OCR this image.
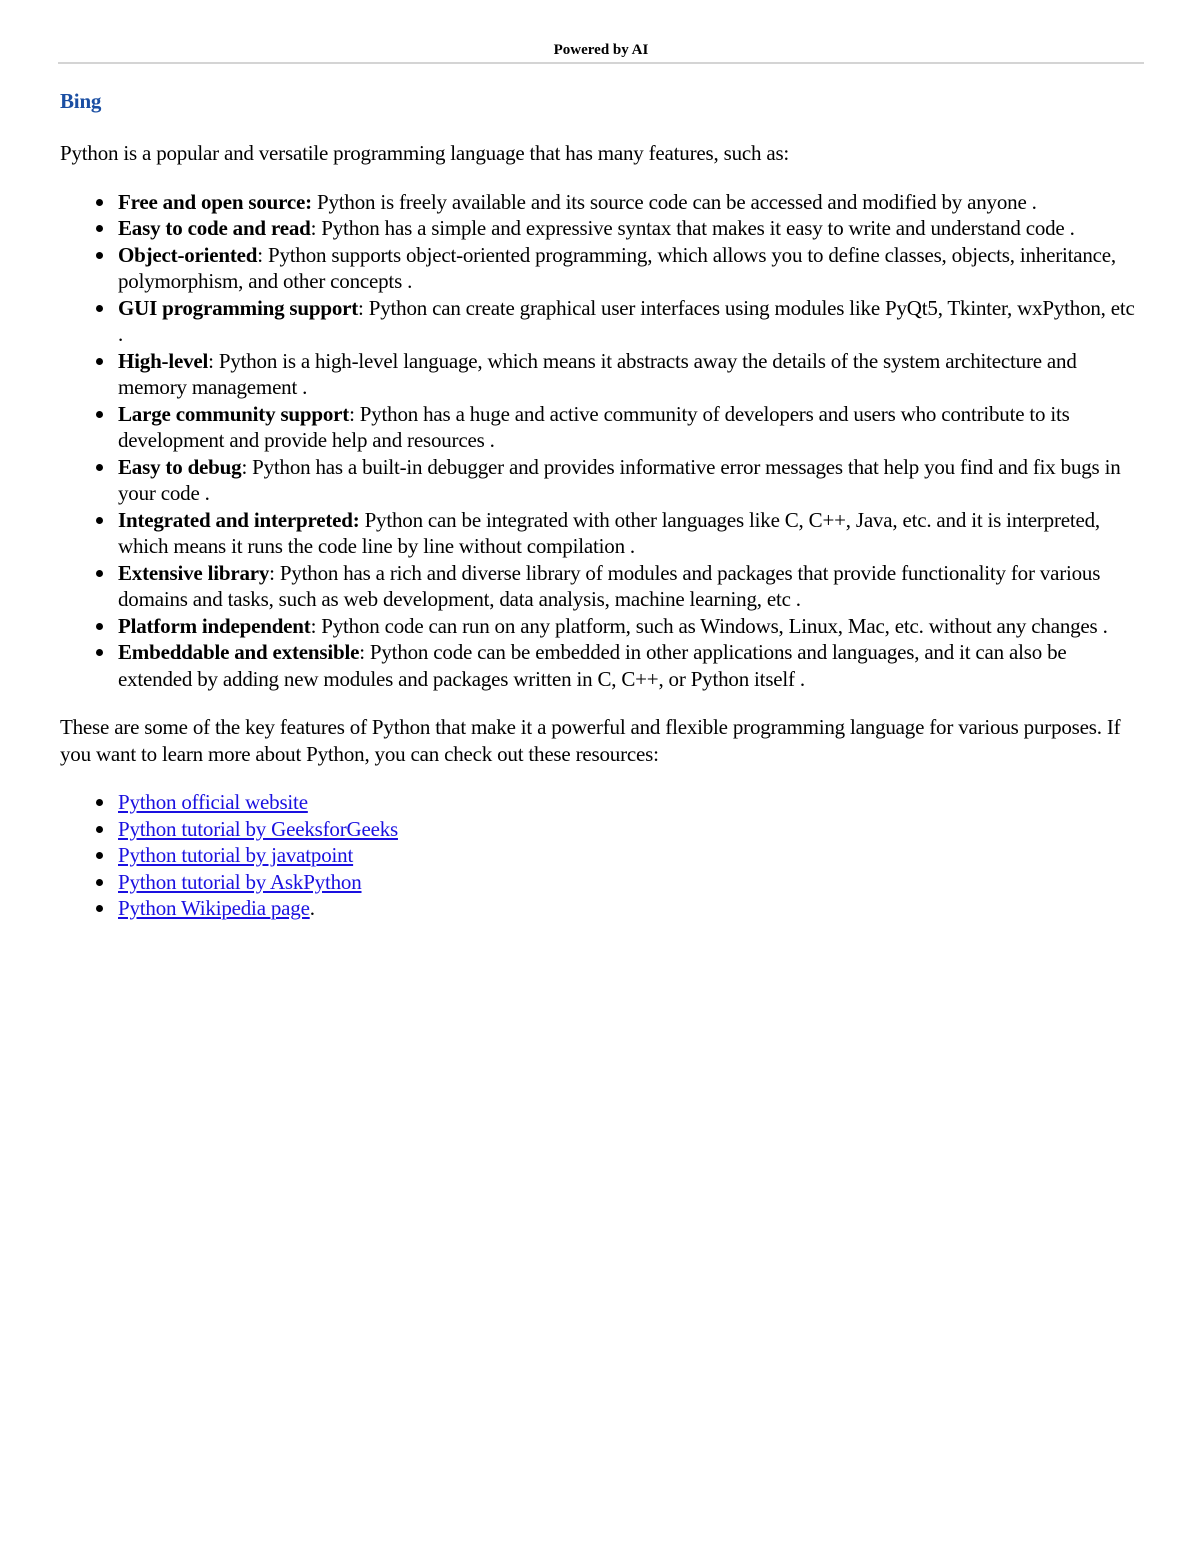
Powered by AI

Bing

Python is a popular and versatile programming language that has many features, such as:

Free and open source: Python is freely available and its source code can be accessed and modified by anyone .
Easy to code and read: Python has a simple and expressive syntax that makes it easy to write and understand code .
Object-oriented: Python supports object-oriented programming, which allows you to define classes, objects, inheritance, polymorphism, and other concepts .
GUI programming support: Python can create graphical user interfaces using modules like PyQt5, Tkinter, wxPython, etc .
High-level: Python is a high-level language, which means it abstracts away the details of the system architecture and memory management .
Large community support: Python has a huge and active community of developers and users who contribute to its development and provide help and resources .
Easy to debug: Python has a built-in debugger and provides informative error messages that help you find and fix bugs in your code .
Integrated and interpreted: Python can be integrated with other languages like C, C++, Java, etc. and it is interpreted, which means it runs the code line by line without compilation .
Extensive library: Python has a rich and diverse library of modules and packages that provide functionality for various domains and tasks, such as web development, data analysis, machine learning, etc .
Platform independent: Python code can run on any platform, such as Windows, Linux, Mac, etc. without any changes .
Embeddable and extensible: Python code can be embedded in other applications and languages, and it can also be extended by adding new modules and packages written in C, C++, or Python itself .

These are some of the key features of Python that make it a powerful and flexible programming language for various purposes. If you want to learn more about Python, you can check out these resources:

Python official website
Python tutorial by GeeksforGeeks
Python tutorial by javatpoint
Python tutorial by AskPython
Python Wikipedia page.
